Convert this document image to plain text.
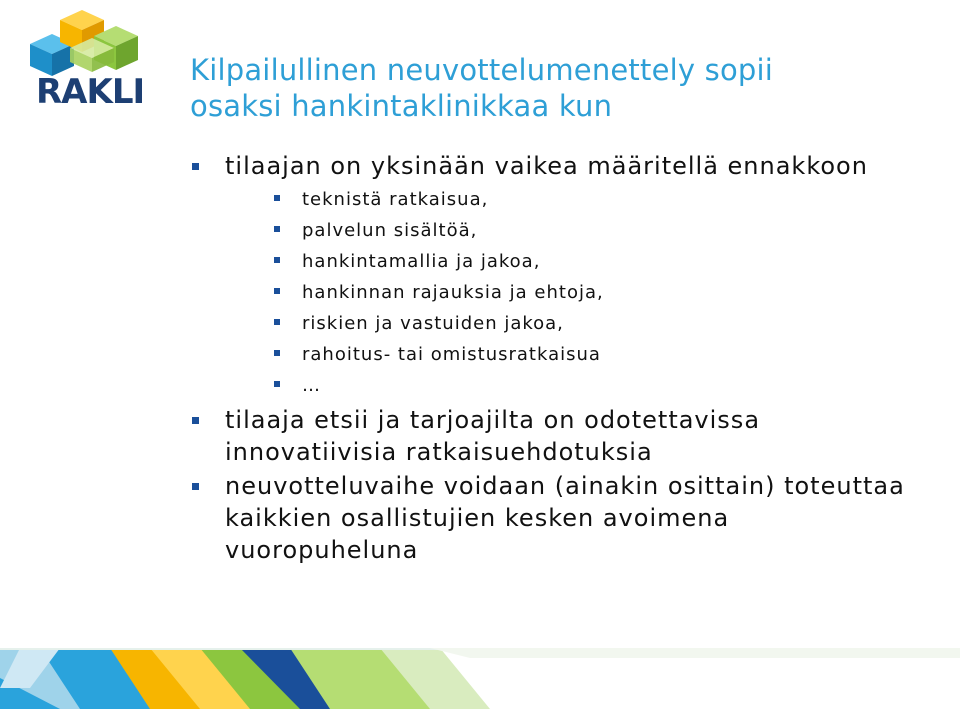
RAKLI
Kilpailullinen neuvottelumenettely sopii
osaksi hankintaklinikkaa kun
tilaajan on yksinään vaikea määritellä ennakkoon
teknistä ratkaisua,
palvelun sisältöä,
hankintamallia ja jakoa,
hankinnan rajauksia ja ehtoja,
riskien ja vastuiden jakoa,
rahoitus- tai omistusratkaisua
…
tilaaja etsii ja tarjoajilta on odotettavissa innovatiivisia ratkaisuehdotuksia
neuvotteluvaihe voidaan (ainakin osittain) toteuttaa kaikkien osallistujien kesken avoimena vuoropuheluna
